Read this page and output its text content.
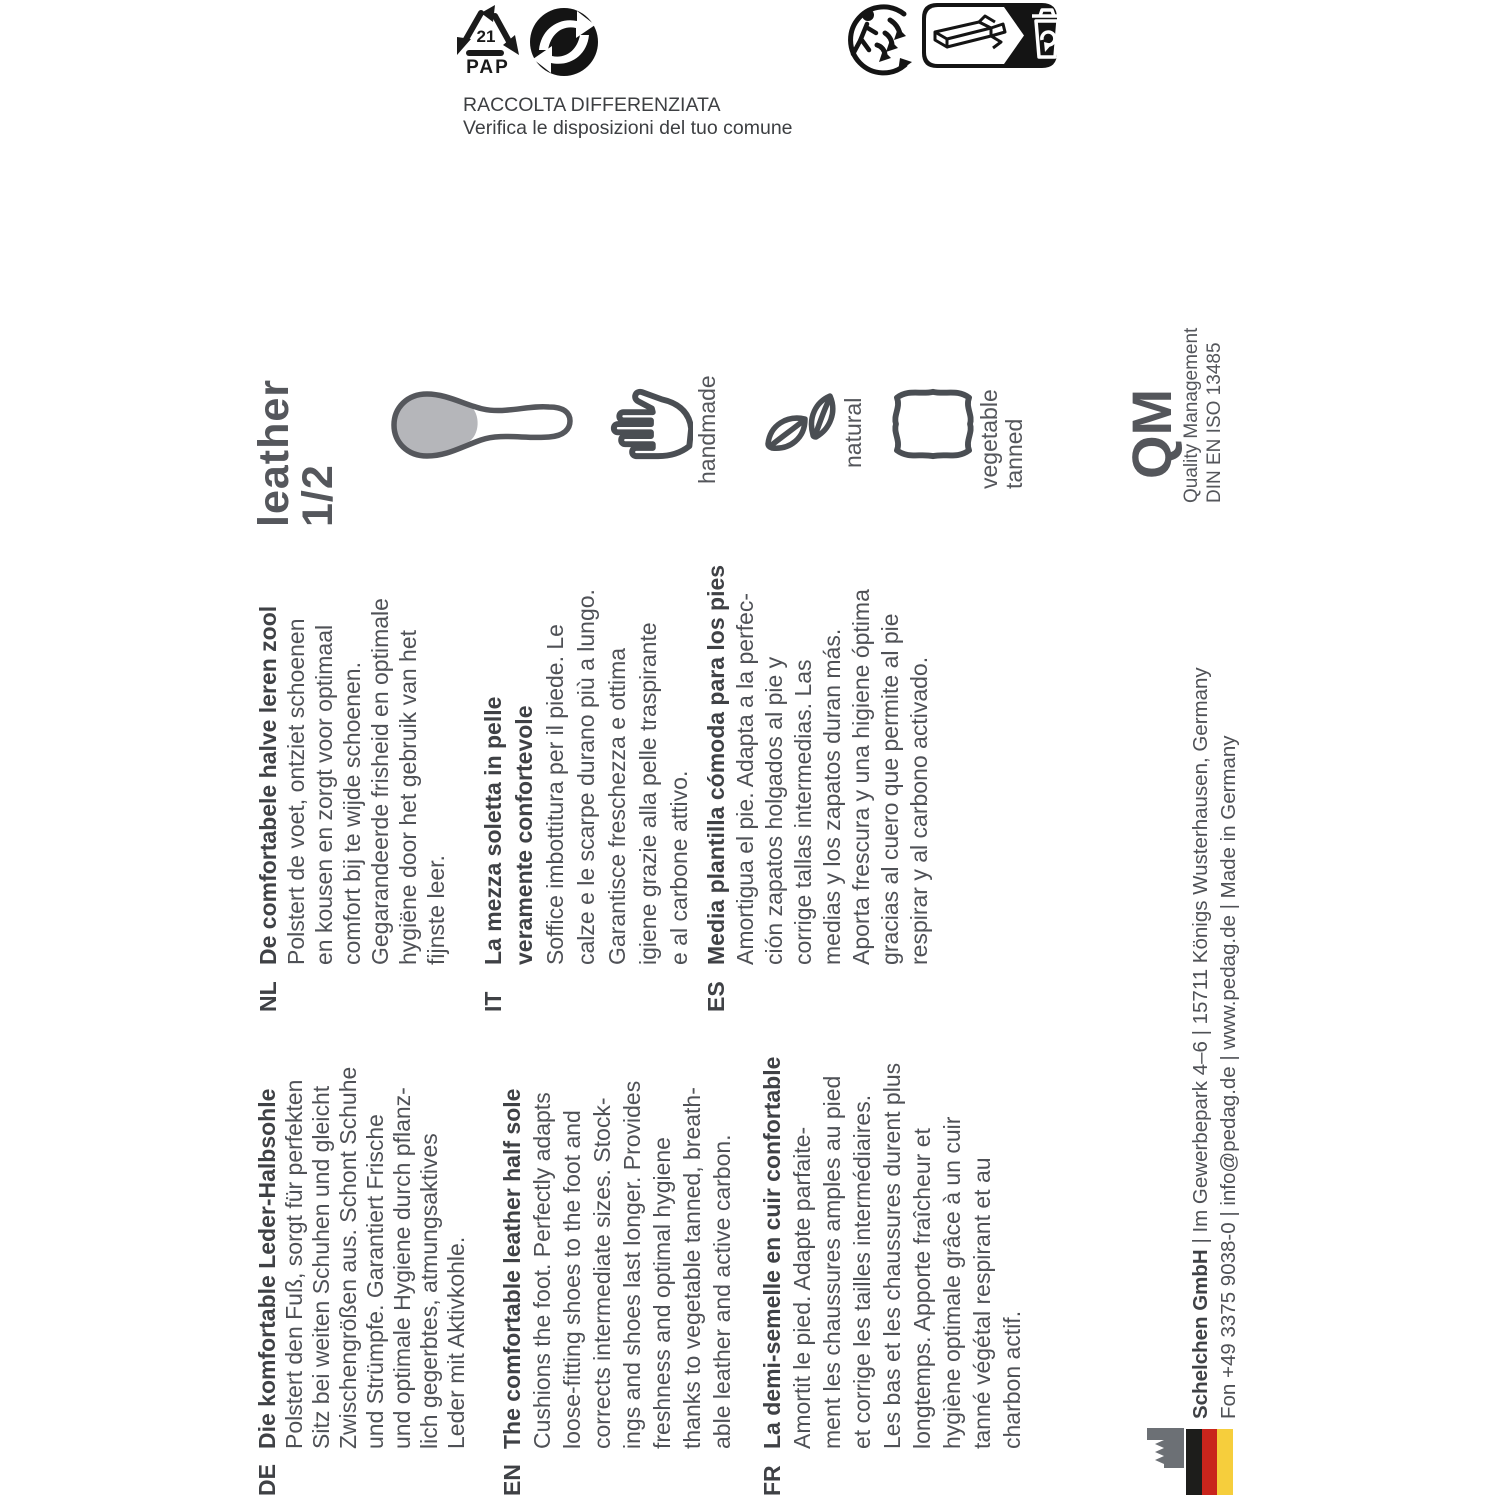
21
PAP
RACCOLTA DIFFERENZIATA
Verifica le disposizioni del tuo comune
leather
1/2
handmade	natural	vegetable tanned QM
Quality Management DIN EN ISO 13485
NL
De comfortabele halve leren zool Polstert de voet, ontziet schoenen en kousen en zorgt voor optimaal comfort bij te wijde schoenen. Gegarandeerde frisheid en optimale hygiëne door het gebruik van het fijnste leer.
IT
La mezza soletta in pelle veramente confortevole Soffice imbottitura per il piede. Le calze e le scarpe durano più a lungo. Garantisce freschezza e ottima igiene grazie alla pelle traspirante e al carbone attivo.
ES
Media plantilla cómoda para los pies Amortigua el pie. Adapta a la perfec- ción zapatos holgados al pie y corrige tallas intermedias. Las medias y los zapatos duran más. Aporta frescura y una higiene óptima gracias al cuero que permite al pie respirar y al carbono activado.
DE
Die komfortable Leder-Halbsohle Polstert den Fuß, sorgt für perfekten Sitz bei weiten Schuhen und gleicht Zwischengrößen aus. Schont Schuhe und Strümpfe. Garantiert Frische und optimale Hygiene durch pflanz- lich gegerbtes, atmungsaktives Leder mit Aktivkohle.
EN
The comfortable leather half sole Cushions the foot. Perfectly adapts loose-fitting shoes to the foot and corrects intermediate sizes. Stock- ings and shoes last longer. Provides freshness and optimal hygiene thanks to vegetable tanned, breath- able leather and active carbon.
FR
La demi-semelle en cuir confortable Amortit le pied. Adapte parfaite- ment les chaussures amples au pied et corrige les tailles intermédiaires. Les bas et les chaussures durent plus longtemps. Apporte fraîcheur et hygiène optimale grâce à un cuir tanné végétal respirant et au charbon actif.	Schelchen GmbH | Im Gewerbepark 4–6 | 15711 Königs Wusterhausen, Germany Fon +49 3375 9038-0 | info@pedag.de | www.pedag.de | Made in Germany
